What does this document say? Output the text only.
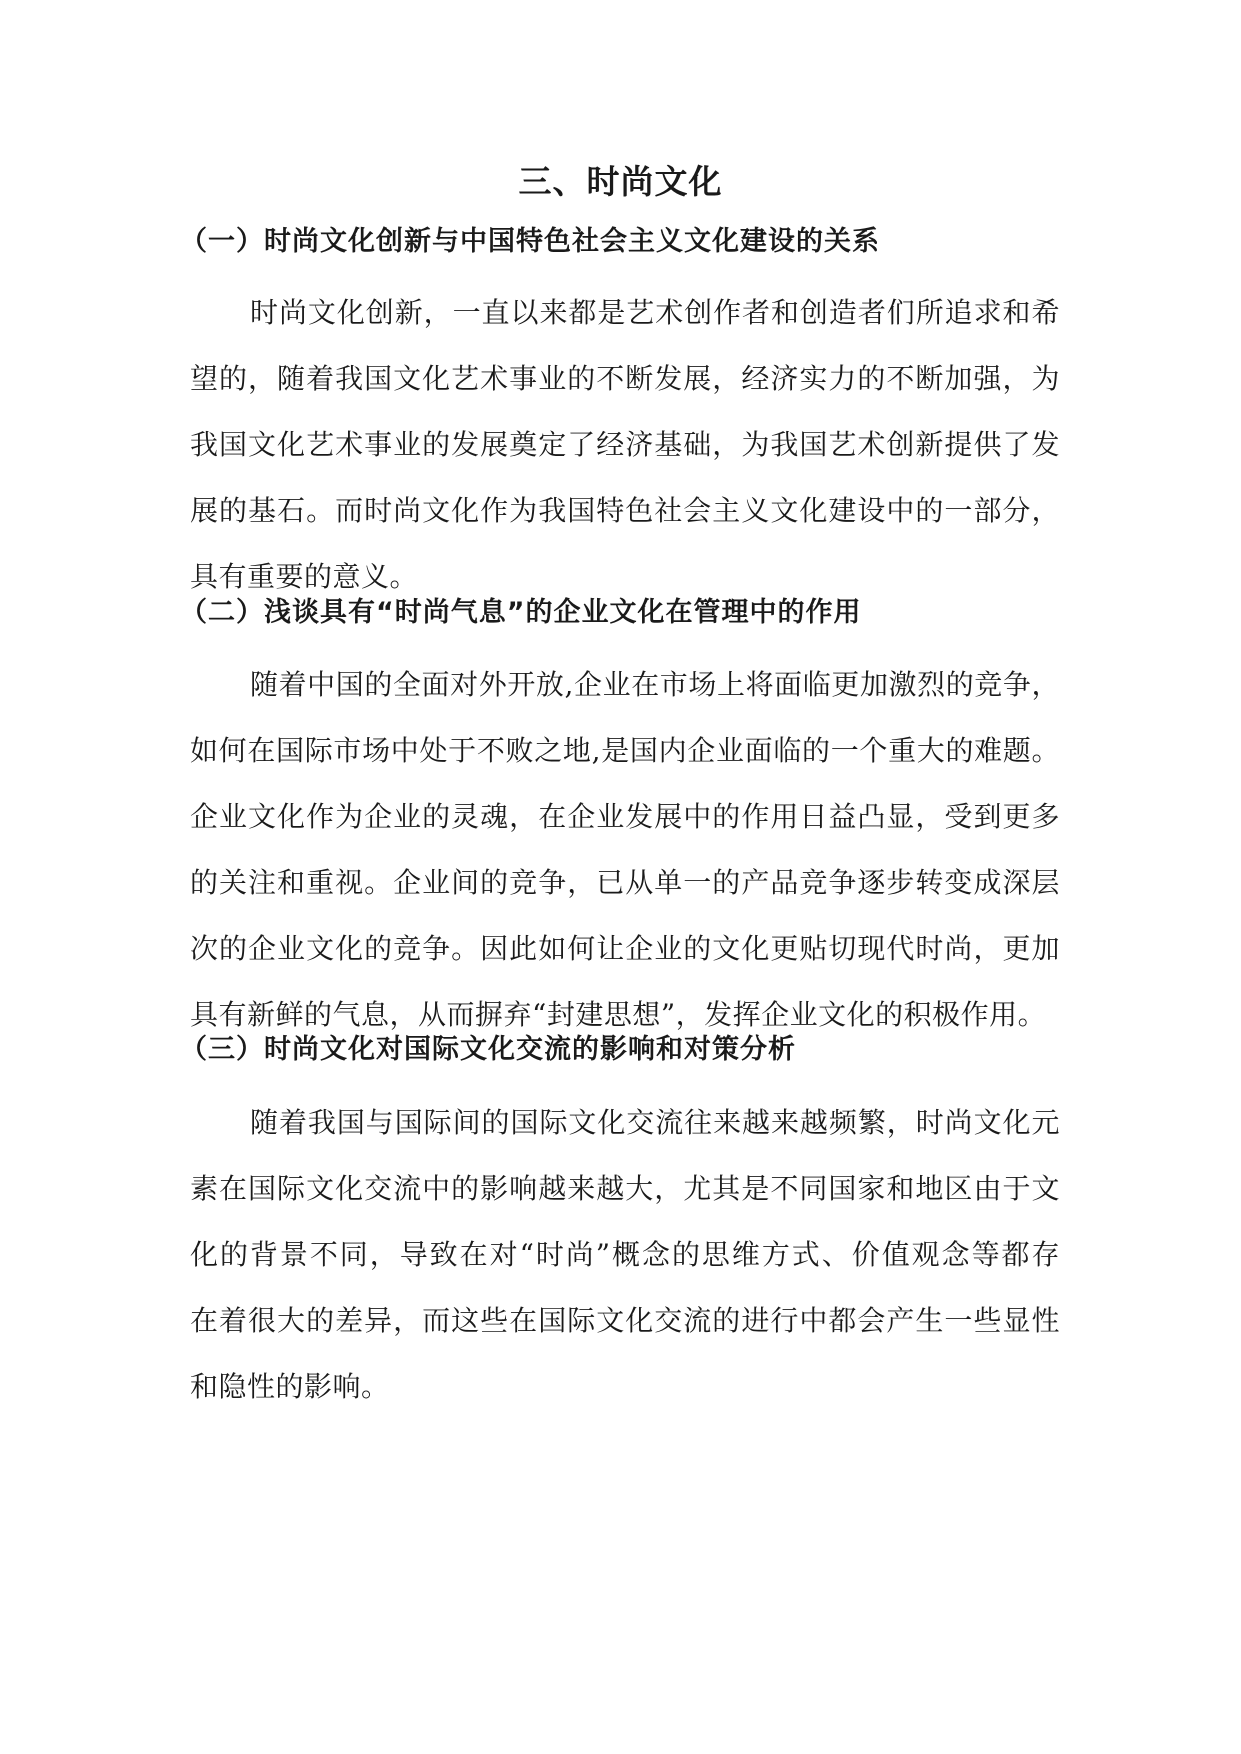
三、时尚文化
（一）时尚文化创新与中国特色社会主义文化建设的关系
时尚文化创新，一直以来都是艺术创作者和创造者们所追求和希
望的，随着我国文化艺术事业的不断发展，经济实力的不断加强，为
我国文化艺术事业的发展奠定了经济基础，为我国艺术创新提供了发
展的基石。而时尚文化作为我国特色社会主义文化建设中的一部分，
具有重要的意义。
（二）浅谈具有“时尚气息”的企业文化在管理中的作用
随着中国的全面对外开放,企业在市场上将面临更加激烈的竞争，
如何在国际市场中处于不败之地,是国内企业面临的一个重大的难题。
企业文化作为企业的灵魂，在企业发展中的作用日益凸显，受到更多
的关注和重视。企业间的竞争，已从单一的产品竞争逐步转变成深层
次的企业文化的竞争。因此如何让企业的文化更贴切现代时尚，更加
具有新鲜的气息，从而摒弃“封建思想”，发挥企业文化的积极作用。
（三）时尚文化对国际文化交流的影响和对策分析
随着我国与国际间的国际文化交流往来越来越频繁，时尚文化元
素在国际文化交流中的影响越来越大，尤其是不同国家和地区由于文
化的背景不同，导致在对“时尚”概念的思维方式、价值观念等都存
在着很大的差异，而这些在国际文化交流的进行中都会产生一些显性
和隐性的影响。
